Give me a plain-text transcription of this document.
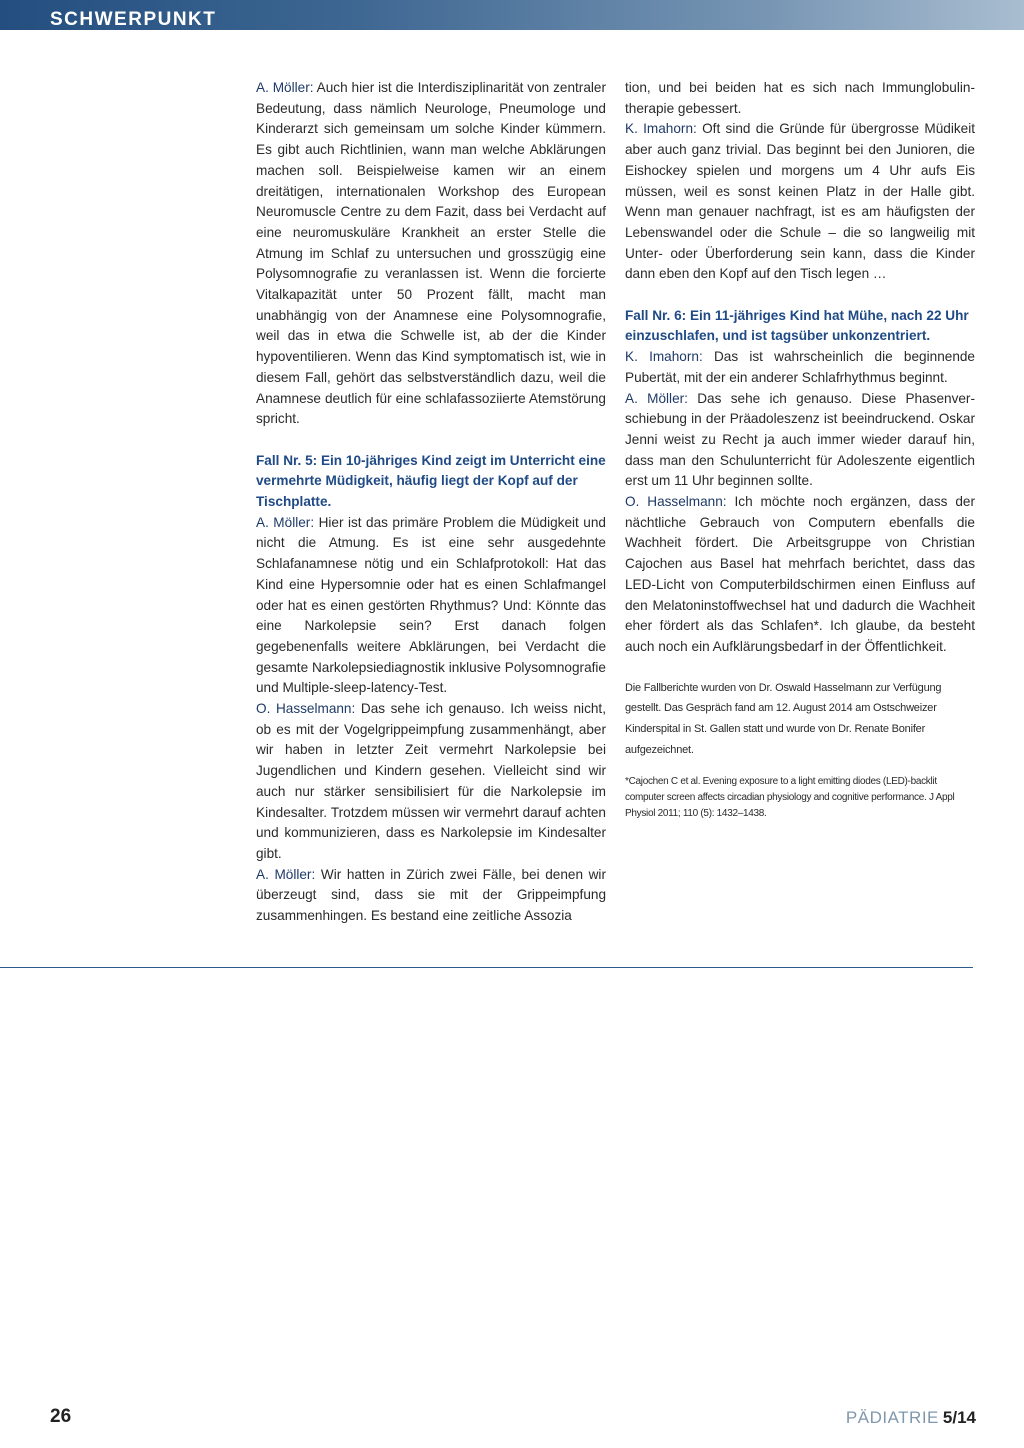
SCHWERPUNKT

A. Möller: Auch hier ist die Interdisziplinarität von zentraler Bedeutung, dass nämlich Neurologe, Pneumologe und Kinderarzt sich gemeinsam um solche Kinder kümmern. Es gibt auch Richtlinien, wann man welche Abklärungen machen soll. Beispielweise kamen wir an einem dreitätigen, internationalen Workshop des European Neuromuscle Centre zu dem Fazit, dass bei Verdacht auf eine neuromuskuläre Krankheit an erster Stelle die Atmung im Schlaf zu untersuchen und grosszügig eine Polysomnografie zu veranlassen ist. Wenn die forcierte Vitalkapazität unter 50 Prozent fällt, macht man unabhängig von der Anamnese eine Polysomnografie, weil das in etwa die Schwelle ist, ab der die Kinder hypoventilieren. Wenn das Kind symptomatisch ist, wie in diesem Fall, gehört das selbstverständlich dazu, weil die Anamnese deutlich für eine schlafassoziierte Atemstörung spricht.

Fall Nr. 5: Ein 10-jähriges Kind zeigt im Unterricht eine vermehrte Müdigkeit, häufig liegt der Kopf auf der Tischplatte.

A. Möller: Hier ist das primäre Problem die Müdigkeit und nicht die Atmung. Es ist eine sehr ausgedehnte Schlafanamnese nötig und ein Schlafprotokoll: Hat das Kind eine Hypersomnie oder hat es einen Schlafmangel oder hat es einen gestörten Rhythmus? Und: Könnte das eine Narkolepsie sein? Erst danach folgen gegebenenfalls weitere Abklärungen, bei Verdacht die gesamte Narkolepsiediagnostik inklusive Polysomnografie und Multiple-sleep-latency-Test.

O. Hasselmann: Das sehe ich genauso. Ich weiss nicht, ob es mit der Vogelgrippeimpfung zusammenhängt, aber wir haben in letzter Zeit vermehrt Narkolepsie bei Jugendlichen und Kindern gesehen. Vielleicht sind wir auch nur stärker sensibilisiert für die Narkolepsie im Kindesalter. Trotzdem müssen wir vermehrt darauf achten und kommunizieren, dass es Narkolepsie im Kindesalter gibt.

A. Möller: Wir hatten in Zürich zwei Fälle, bei denen wir überzeugt sind, dass sie mit der Grippeimpfung zusammenhingen. Es bestand eine zeitliche Assozia

tion, und bei beiden hat es sich nach Immunglobulintherapie gebessert.

K. Imahorn: Oft sind die Gründe für übergrosse Müdikeit aber auch ganz trivial. Das beginnt bei den Junioren, die Eishockey spielen und morgens um 4 Uhr aufs Eis müssen, weil es sonst keinen Platz in der Halle gibt. Wenn man genauer nachfragt, ist es am häufigsten der Lebenswandel oder die Schule – die so langweilig mit Unter- oder Überforderung sein kann, dass die Kinder dann eben den Kopf auf den Tisch legen …

Fall Nr. 6: Ein 11-jähriges Kind hat Mühe, nach 22 Uhr einzuschlafen, und ist tagsüber unkonzentriert.

K. Imahorn: Das ist wahrscheinlich die beginnende Pubertät, mit der ein anderer Schlafrhythmus beginnt.

A. Möller: Das sehe ich genauso. Diese Phasenverschiebung in der Präadoleszenz ist beeindruckend. Oskar Jenni weist zu Recht ja auch immer wieder darauf hin, dass man den Schulunterricht für Adoleszente eigentlich erst um 11 Uhr beginnen sollte.

O. Hasselmann: Ich möchte noch ergänzen, dass der nächtliche Gebrauch von Computern ebenfalls die Wachheit fördert. Die Arbeitsgruppe von Christian Cajochen aus Basel hat mehrfach berichtet, dass das LED-Licht von Computerbildschirmen einen Einfluss auf den Melatoninstoffwechsel hat und dadurch die Wachheit eher fördert als das Schlafen*. Ich glaube, da besteht auch noch ein Aufklärungsbedarf in der Öffentlichkeit.

Die Fallberichte wurden von Dr. Oswald Hasselmann zur Verfügung gestellt. Das Gespräch fand am 12. August 2014 am Ostschweizer Kinderspital in St. Gallen statt und wurde von Dr. Renate Bonifer aufgezeichnet.

*Cajochen C et al. Evening exposure to a light emitting diodes (LED)-backlit computer screen affects circadian physiology and cognitive performance. J Appl Physiol 2011; 110 (5): 1432–1438.

26	PÄDIATRIE 5/14
